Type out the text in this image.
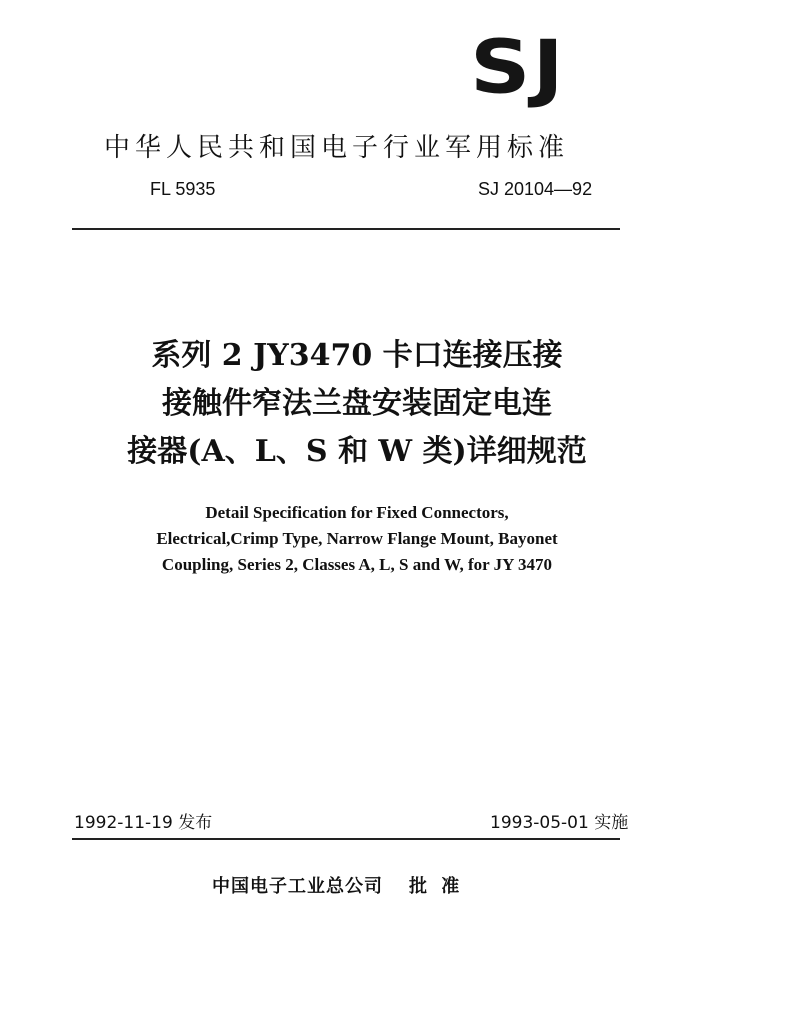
SJ
中华人民共和国电子行业军用标准
FL 5935	SJ 20104—92
系列 2 JY3470 卡口连接压接
接触件窄法兰盘安装固定电连
接器(A、L、S 和 W 类)详细规范
Detail Specification for Fixed Connectors,
Electrical,Crimp Type, Narrow Flange Mount, Bayonet
Coupling, Series 2, Classes A, L, S and W, for JY 3470
1992-11-19 发布	1993-05-01 实施
中国电子工业总公司 批 准
